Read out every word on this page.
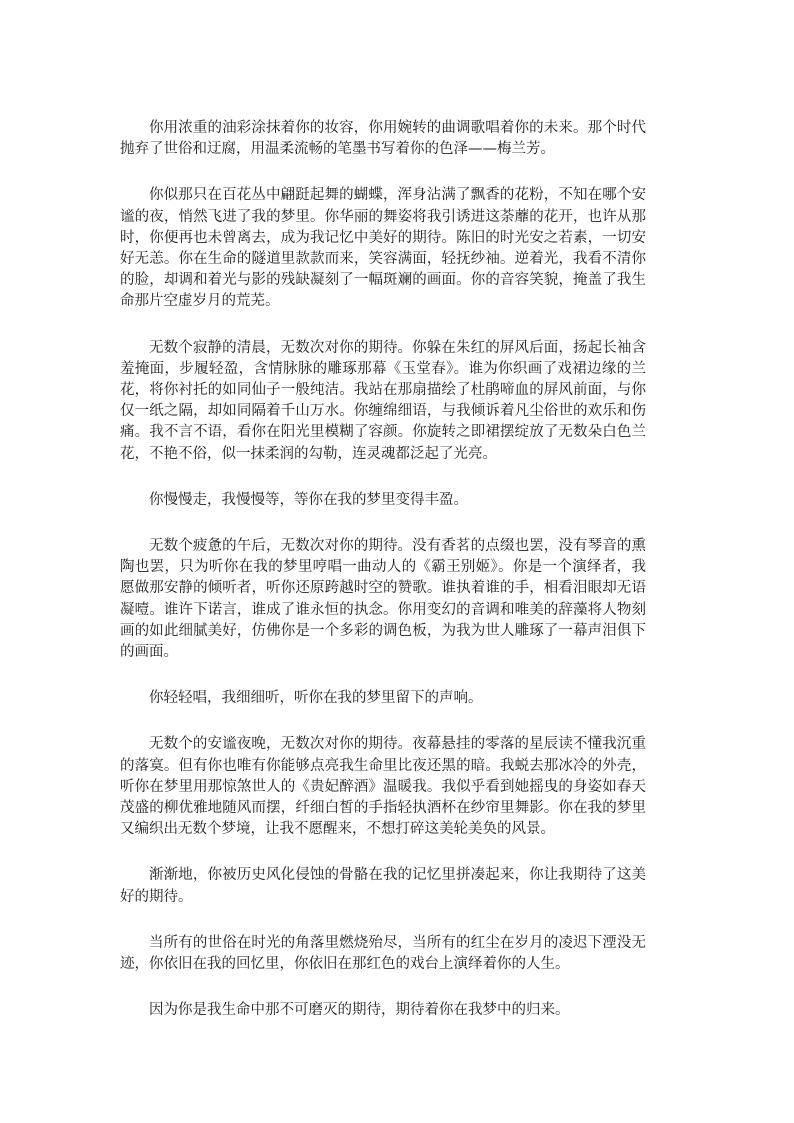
你用浓重的油彩涂抹着你的妆容，你用婉转的曲调歌唱着你的未来。那个时代抛弃了世俗和迂腐，用温柔流畅的笔墨书写着你的色泽——梅兰芳。

你似那只在百花丛中翩跹起舞的蝴蝶，浑身沾满了飘香的花粉，不知在哪个安谧的夜，悄然飞进了我的梦里。你华丽的舞姿将我引诱进这荼蘼的花开，也许从那时，你便再也未曾离去，成为我记忆中美好的期待。陈旧的时光安之若素，一切安好无恙。你在生命的隧道里款款而来，笑容满面，轻抚纱袖。逆着光，我看不清你的脸，却调和着光与影的残缺凝刻了一幅斑斓的画面。你的音容笑貌，掩盖了我生命那片空虚岁月的荒芜。

无数个寂静的清晨，无数次对你的期待。你躲在朱红的屏风后面，扬起长袖含羞掩面，步履轻盈，含情脉脉的雕琢那幕《玉堂春》。谁为你织画了戏裙边缘的兰花，将你衬托的如同仙子一般纯洁。我站在那扇描绘了杜鹃啼血的屏风前面，与你仅一纸之隔，却如同隔着千山万水。你缠绵细语，与我倾诉着凡尘俗世的欢乐和伤痛。我不言不语，看你在阳光里模糊了容颜。你旋转之即裙摆绽放了无数朵白色兰花，不艳不俗，似一抹柔润的勾勒，连灵魂都泛起了光亮。

你慢慢走，我慢慢等，等你在我的梦里变得丰盈。

无数个疲惫的午后，无数次对你的期待。没有香茗的点缀也罢，没有琴音的熏陶也罢，只为听你在我的梦里哼唱一曲动人的《霸王别姬》。你是一个演绎者，我愿做那安静的倾听者，听你还原跨越时空的赞歌。谁执着谁的手，相看泪眼却无语凝噎。谁许下诺言，谁成了谁永恒的执念。你用变幻的音调和唯美的辞藻将人物刻画的如此细腻美好，仿佛你是一个多彩的调色板，为我为世人雕琢了一幕声泪俱下的画面。

你轻轻唱，我细细听，听你在我的梦里留下的声响。

无数个的安谧夜晚，无数次对你的期待。夜幕悬挂的零落的星辰读不懂我沉重的落寞。但有你也唯有你能够点亮我生命里比夜还黑的暗。我蜕去那冰冷的外壳，听你在梦里用那惊煞世人的《贵妃醉酒》温暖我。我似乎看到她摇曳的身姿如春天茂盛的柳优雅地随风而摆，纤细白皙的手指轻执酒杯在纱帘里舞影。你在我的梦里又编织出无数个梦境，让我不愿醒来，不想打碎这美轮美奂的风景。

渐渐地，你被历史风化侵蚀的骨骼在我的记忆里拼凑起来，你让我期待了这美好的期待。

当所有的世俗在时光的角落里燃烧殆尽，当所有的红尘在岁月的凌迟下湮没无迹，你依旧在我的回忆里，你依旧在那红色的戏台上演绎着你的人生。

因为你是我生命中那不可磨灭的期待，期待着你在我梦中的归来。
